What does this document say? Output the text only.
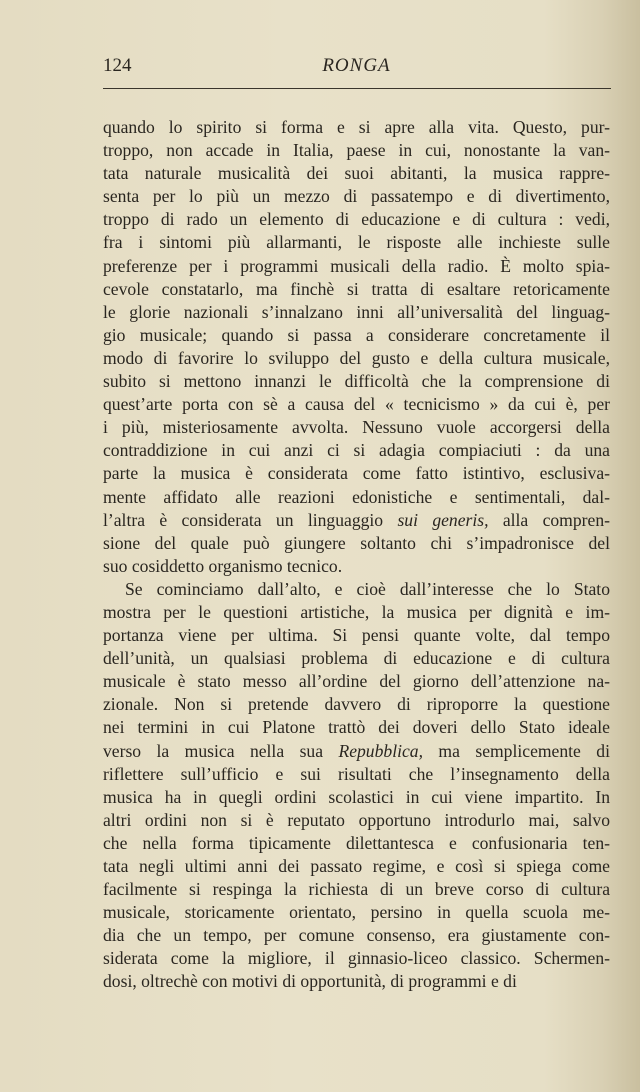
124	RONGA
quando lo spirito si forma e si apre alla vita. Questo, pur-
troppo, non accade in Italia, paese in cui, nonostante la van-
tata naturale musicalità dei suoi abitanti, la musica rappre-
senta per lo più un mezzo di passatempo e di divertimento,
troppo di rado un elemento di educazione e di cultura : vedi,
fra i sintomi più allarmanti, le risposte alle inchieste sulle
preferenze per i programmi musicali della radio. È molto spia-
cevole constatarlo, ma finchè si tratta di esaltare retoricamente
le glorie nazionali s’innalzano inni all’universalità del linguag-
gio musicale; quando si passa a considerare concretamente il
modo di favorire lo sviluppo del gusto e della cultura musicale,
subito si mettono innanzi le difficoltà che la comprensione di
quest’arte porta con sè a causa del « tecnicismo » da cui è, per
i più, misteriosamente avvolta. Nessuno vuole accorgersi della
contraddizione in cui anzi ci si adagia compiaciuti : da una
parte la musica è considerata come fatto istintivo, esclusiva-
mente affidato alle reazioni edonistiche e sentimentali, dal-
l’altra è considerata un linguaggio sui generis, alla compren-
sione del quale può giungere soltanto chi s’impadronisce del
suo cosiddetto organismo tecnico.
Se cominciamo dall’alto, e cioè dall’interesse che lo Stato
mostra per le questioni artistiche, la musica per dignità e im-
portanza viene per ultima. Si pensi quante volte, dal tempo
dell’unità, un qualsiasi problema di educazione e di cultura
musicale è stato messo all’ordine del giorno dell’attenzione na-
zionale. Non si pretende davvero di riproporre la questione
nei termini in cui Platone trattò dei doveri dello Stato ideale
verso la musica nella sua Repubblica, ma semplicemente di
riflettere sull’ufficio e sui risultati che l’insegnamento della
musica ha in quegli ordini scolastici in cui viene impartito. In
altri ordini non si è reputato opportuno introdurlo mai, salvo
che nella forma tipicamente dilettantesca e confusionaria ten-
tata negli ultimi anni dei passato regime, e così si spiega come
facilmente si respinga la richiesta di un breve corso di cultura
musicale, storicamente orientato, persino in quella scuola me-
dia che un tempo, per comune consenso, era giustamente con-
siderata come la migliore, il ginnasio-liceo classico. Schermen-
dosi, oltrechè con motivi di opportunità, di programmi e di
